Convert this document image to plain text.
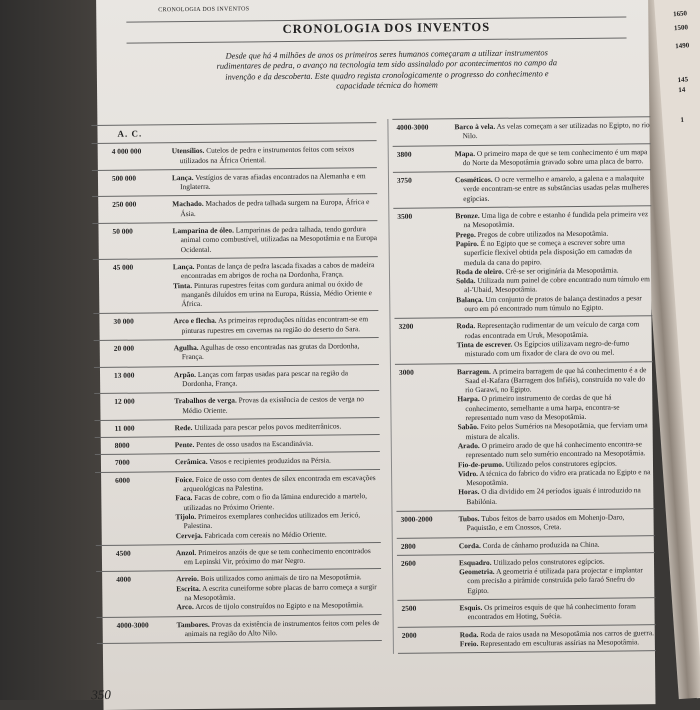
1650
1500
1490
145
14
1
CRONOLOGIA DOS INVENTOS
CRONOLOGIA DOS INVENTOS
Desde que há 4 milhões de anos os primeiros seres humanos começaram a utilizar instrumentos rudimentares de pedra, o avanço na tecnologia tem sido assinalado por acontecimentos no campo da invenção e da descoberta. Este quadro regista cronologicamente o progresso do conhecimento e capacidade técnica do homem
A. C.
4 000 000	Utensílios. Cutelos de pedra e instrumentos feitos com seixos utilizados na África Oriental.
500 000	Lança. Vestígios de varas afiadas encontrados na Alemanha e em Inglaterra.
250 000	Machado. Machados de pedra talhada surgem na Europa, África e Ásia.
50 000	Lamparina de óleo. Lamparinas de pedra talhada, tendo gordura animal como combustível, utilizadas na Mesopotâmia e na Europa Ocidental.
45 000	Lança. Pontas de lança de pedra lascada fixadas a cabos de madeira encontradas em abrigos de rocha na Dordonha, França.
Tinta. Pinturas rupestres feitas com gordura animal ou óxido de manganês diluídos em urina na Europa, Rússia, Médio Oriente e África.
30 000	Arco e flecha. As primeiras reproduções nítidas encontram-se em pinturas rupestres em cavernas na região do deserto do Sara.
20 000	Agulha. Agulhas de osso encontradas nas grutas da Dordonha, França.
13 000	Arpão. Lanças com farpas usadas para pescar na região da Dordonha, França.
12 000	Trabalhos de verga. Provas da existência de cestos de verga no Médio Oriente.
11 000	Rede. Utilizada para pescar pelos povos mediterrânicos.
8000	Pente. Pentes de osso usados na Escandinávia.
7000	Cerâmica. Vasos e recipientes produzidos na Pérsia.
6000	Foice. Foice de osso com dentes de sílex encontrada em escavações arqueológicas na Palestina.
Faca. Facas de cobre, com o fio da lâmina endurecido a martelo, utilizadas no Próximo Oriente.
Tijolo. Primeiros exemplares conhecidos utilizados em Jericó, Palestina.
Cerveja. Fabricada com cereais no Médio Oriente.
4500	Anzol. Primeiros anzóis de que se tem conhecimento encontrados em Lepinski Vir, próximo do mar Negro.
4000	Arreio. Bois utilizados como animais de tiro na Mesopotâmia.
Escrita. A escrita cuneiforme sobre placas de barro começa a surgir na Mesopotâmia.
Arco. Arcos de tijolo construídos no Egipto e na Mesopotâmia.
4000-3000	Tambores. Provas da existência de instrumentos feitos com peles de animais na região do Alto Nilo.
4000-3000	Barco à vela. As velas começam a ser utilizadas no Egipto, no rio Nilo.
3800	Mapa. O primeiro mapa de que se tem conhecimento é um mapa do Norte da Mesopotâmia gravado sobre uma placa de barro.
3750	Cosméticos. O ocre vermelho e amarelo, a galena e a malaquite verde encontram-se entre as substâncias usadas pelas mulheres egípcias.
3500	Bronze. Uma liga de cobre e estanho é fundida pela primeira vez na Mesopotâmia.
Prego. Pregos de cobre utilizados na Mesopotâmia.
Papiro. É no Egipto que se começa a escrever sobre uma superfície flexível obtida pela disposição em camadas da medula da cana do papiro.
Roda de oleiro. Crê-se ser originária da Mesopotâmia.
Solda. Utilizada num painel de cobre encontrado num túmulo em al-'Ubaid, Mesopotâmia.
Balança. Um conjunto de pratos de balança destinados a pesar ouro em pó encontrado num túmulo no Egipto.
3200	Roda. Representação rudimentar de um veículo de carga com rodas encontrada em Uruk, Mesopotâmia.
Tinta de escrever. Os Egípcios utilizavam negro-de-fumo misturado com um fixador de clara de ovo ou mel.
3000	Barragem. A primeira barragem de que há conhecimento é a de Saad el-Kafara (Barragem dos Infiéis), construída no vale do rio Garawi, no Egipto.
Harpa. O primeiro instrumento de cordas de que há conhecimento, semelhante a uma harpa, encontra-se representado num vaso da Mesopotâmia.
Sabão. Feito pelos Sumérios na Mesopotâmia, que ferviam uma mistura de alcalis.
Arado. O primeiro arado de que há conhecimento encontra-se representado num selo sumério encontrado na Mesopotâmia.
Fio-de-prumo. Utilizado pelos construtores egípcios.
Vidro. A técnica do fabrico do vidro era praticada no Egipto e na Mesopotâmia.
Horas. O dia dividido em 24 períodos iguais é introduzido na Babilónia.
3000-2000	Tubos. Tubos feitos de barro usados em Mohenjo-Daro, Paquistão, e em Cnossos, Creta.
2800	Corda. Corda de cânhamo produzida na China.
2600	Esquadro. Utilizado pelos construtores egípcios.
Geometria. A geometria é utilizada para projectar e implantar com precisão a pirâmide construída pelo faraó Snefru do Egipto.
2500	Esquis. Os primeiros esquis de que há conhecimento foram encontrados em Hoting, Suécia.
2000	Roda. Roda de raios usada na Mesopotâmia nos carros de guerra.
Freio. Representado em esculturas assírias na Mesopotâmia.
350
